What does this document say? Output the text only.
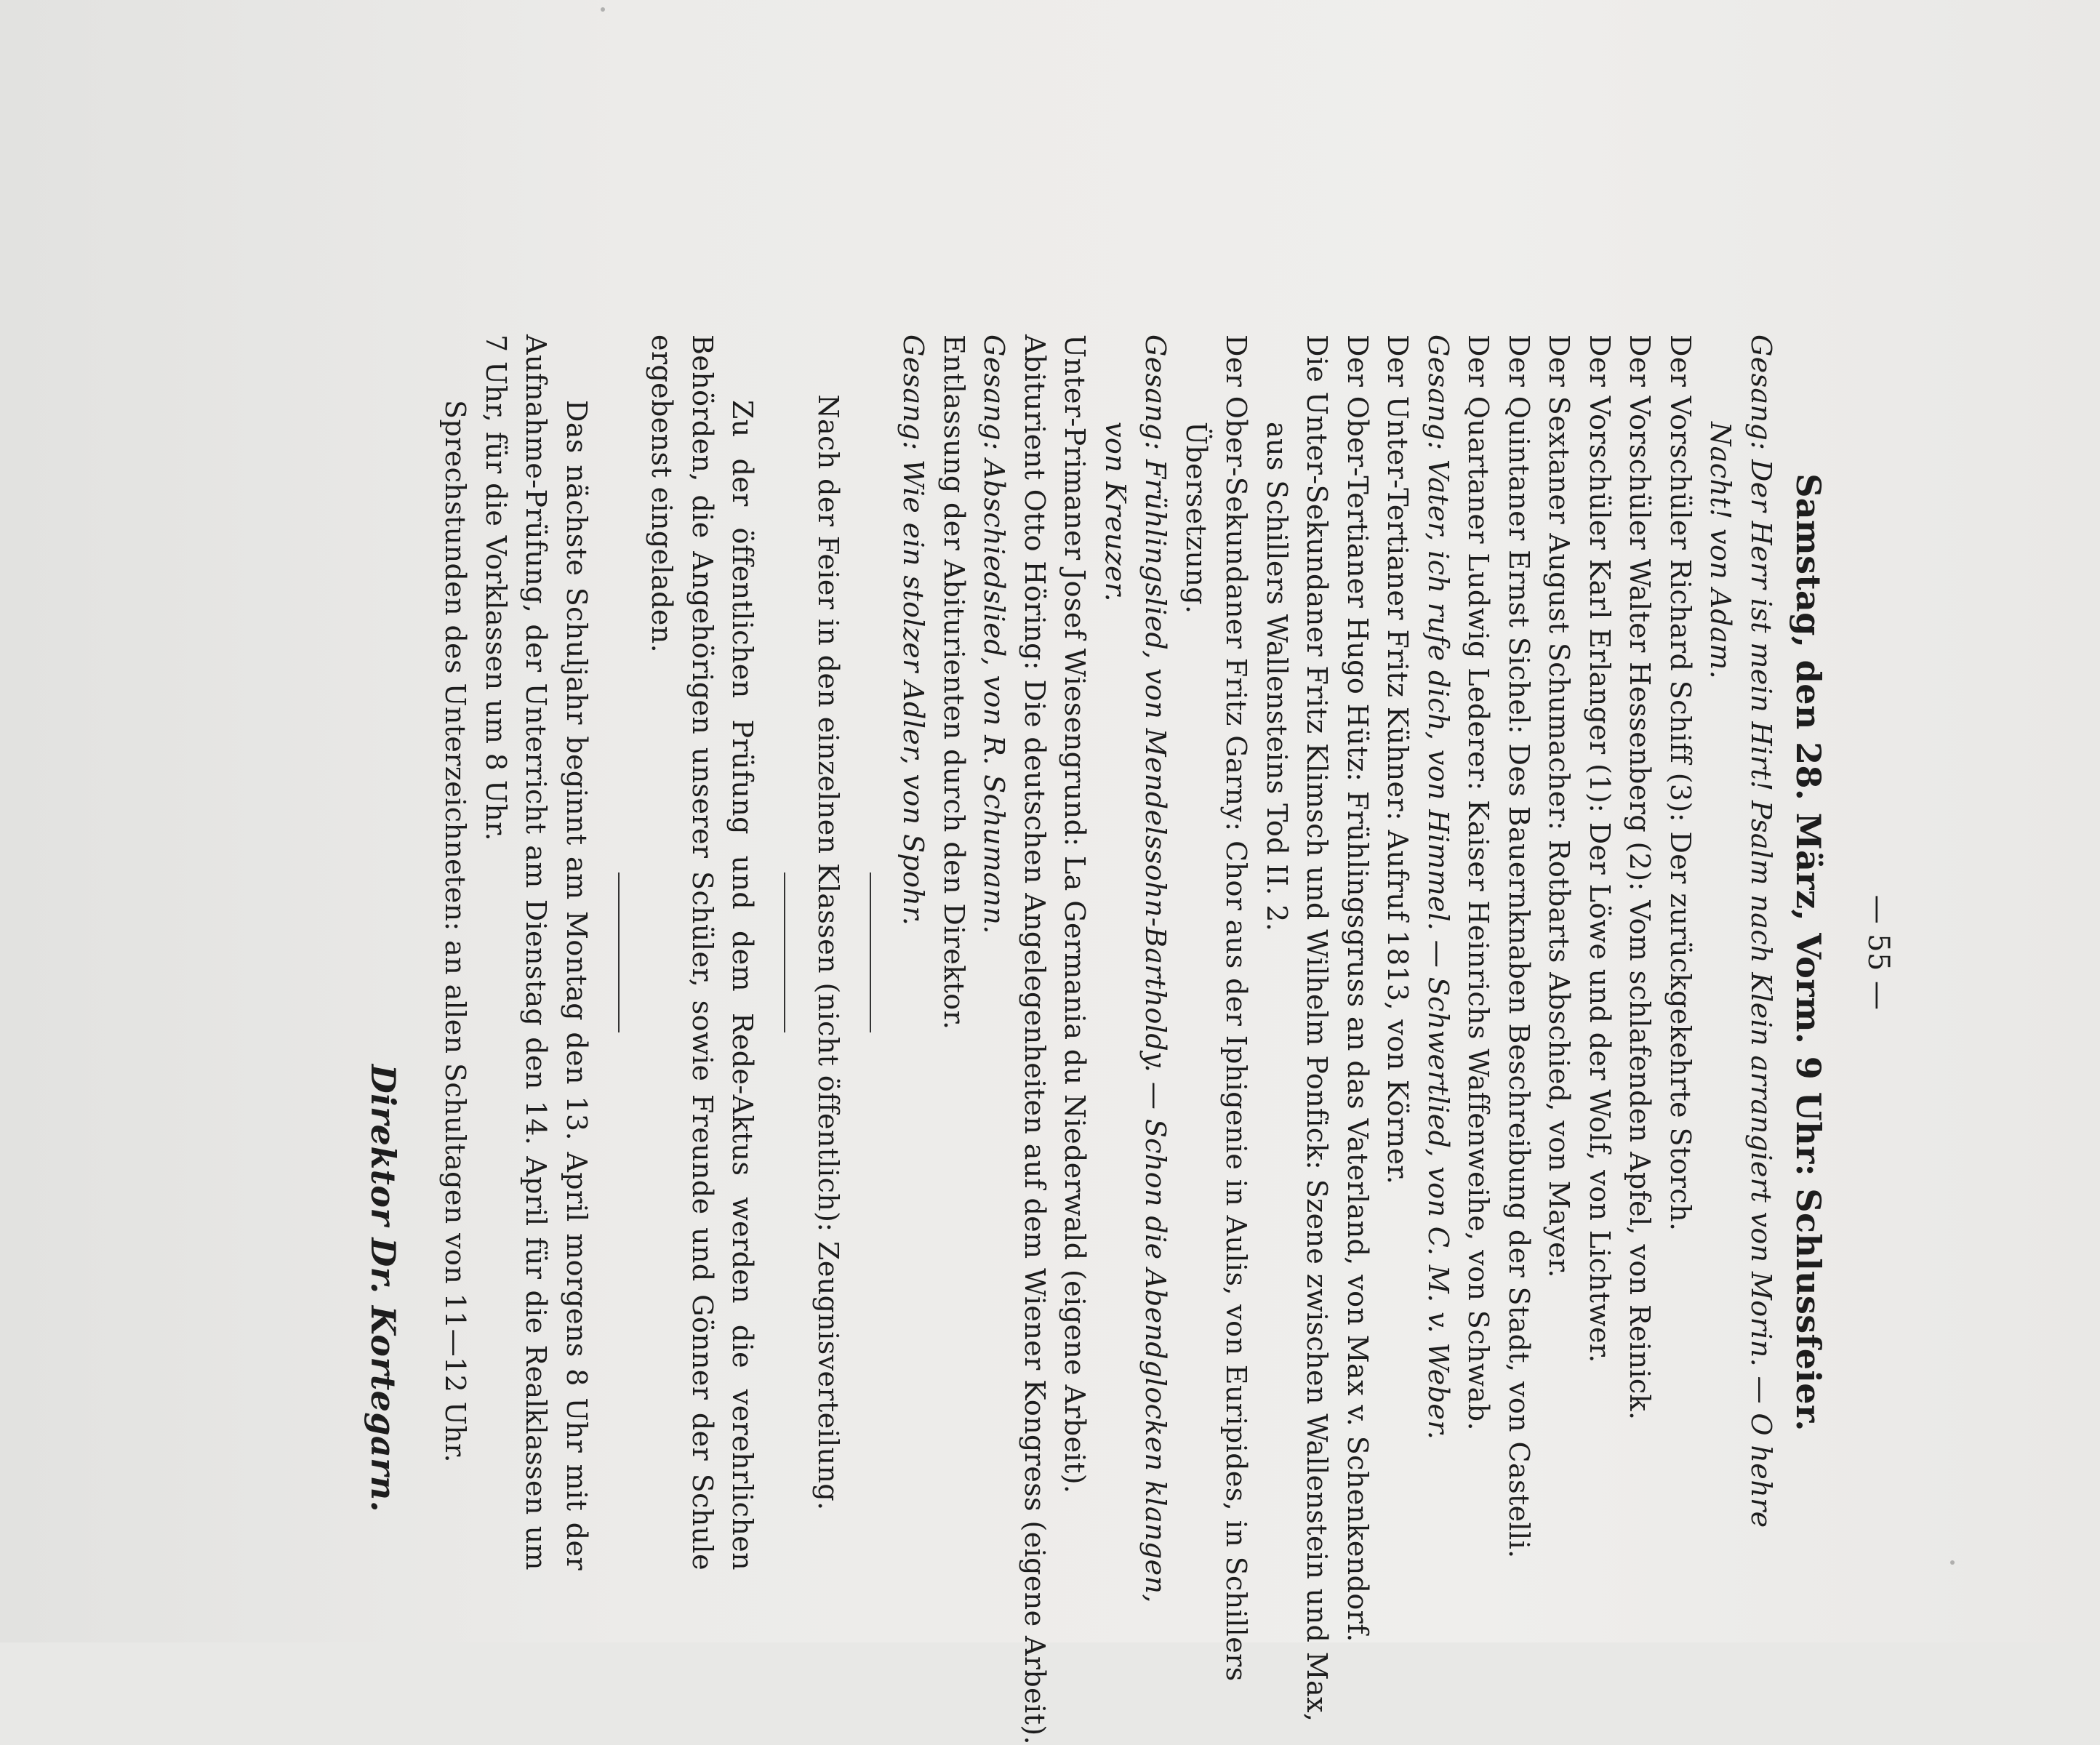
— 55 —
Samstag, den 28. März, Vorm. 9 Uhr: Schlussfeier.
Gesang: Der Herr ist mein Hirt! Psalm nach Klein arrangiert von Morin. — O hehre
Nacht! von Adam.
Der Vorschüler Richard Schiff (3): Der zurückgekehrte Storch.
Der Vorschüler Walter Hessenberg (2): Vom schlafenden Apfel, von Reinick.
Der Vorschüler Karl Erlanger (1): Der Löwe und der Wolf, von Lichtwer.
Der Sextaner August Schumacher: Rotbarts Abschied, von Mayer.
Der Quintaner Ernst Sichel: Des Bauernknaben Beschreibung der Stadt, von Castelli.
Der Quartaner Ludwig Lederer: Kaiser Heinrichs Waffenweihe, von Schwab.
Gesang: Vater, ich rufe dich, von Himmel. — Schwertlied, von C. M. v. Weber.
Der Unter-Tertianer Fritz Kühner: Aufruf 1813, von Körner.
Der Ober-Tertianer Hugo Hütz: Frühlingsgruss an das Vaterland, von Max v. Schenkendorf.
Die Unter-Sekundaner Fritz Klimsch und Wilhelm Ponfick: Szene zwischen Wallenstein und Max,
aus Schillers Wallensteins Tod II. 2.
Der Ober-Sekundaner Fritz Garny: Chor aus der Iphigenie in Aulis, von Euripides, in Schillers
Übersetzung.
Gesang: Frühlingslied, von Mendelssohn-Bartholdy. — Schon die Abendglocken klangen,
von Kreuzer.
Unter-Primaner Josef Wiesengrund: La Germania du Niederwald (eigene Arbeit).
Abiturient Otto Höring: Die deutschen Angelegenheiten auf dem Wiener Kongress (eigene Arbeit).
Gesang: Abschiedslied, von R. Schumann.
Entlassung der Abiturienten durch den Direktor.
Gesang: Wie ein stolzer Adler, von Spohr.
Nach der Feier in den einzelnen Klassen (nicht öffentlich): Zeugnisverteilung.
Zu der öffentlichen Prüfung und dem Rede-Aktus werden die verehrlichen Behörden, die Angehörigen unserer Schüler, sowie Freunde und Gönner der Schule ergebenst eingeladen.
Das nächste Schuljahr beginnt am Montag den 13. April morgens 8 Uhr mit der Aufnahme-Prüfung, der Unterricht am Dienstag den 14. April für die Realklassen um 7 Uhr, für die Vorklassen um 8 Uhr.
Sprechstunden des Unterzeichneten: an allen Schultagen von 11—12 Uhr.
Direktor Dr. Kortegarn.
